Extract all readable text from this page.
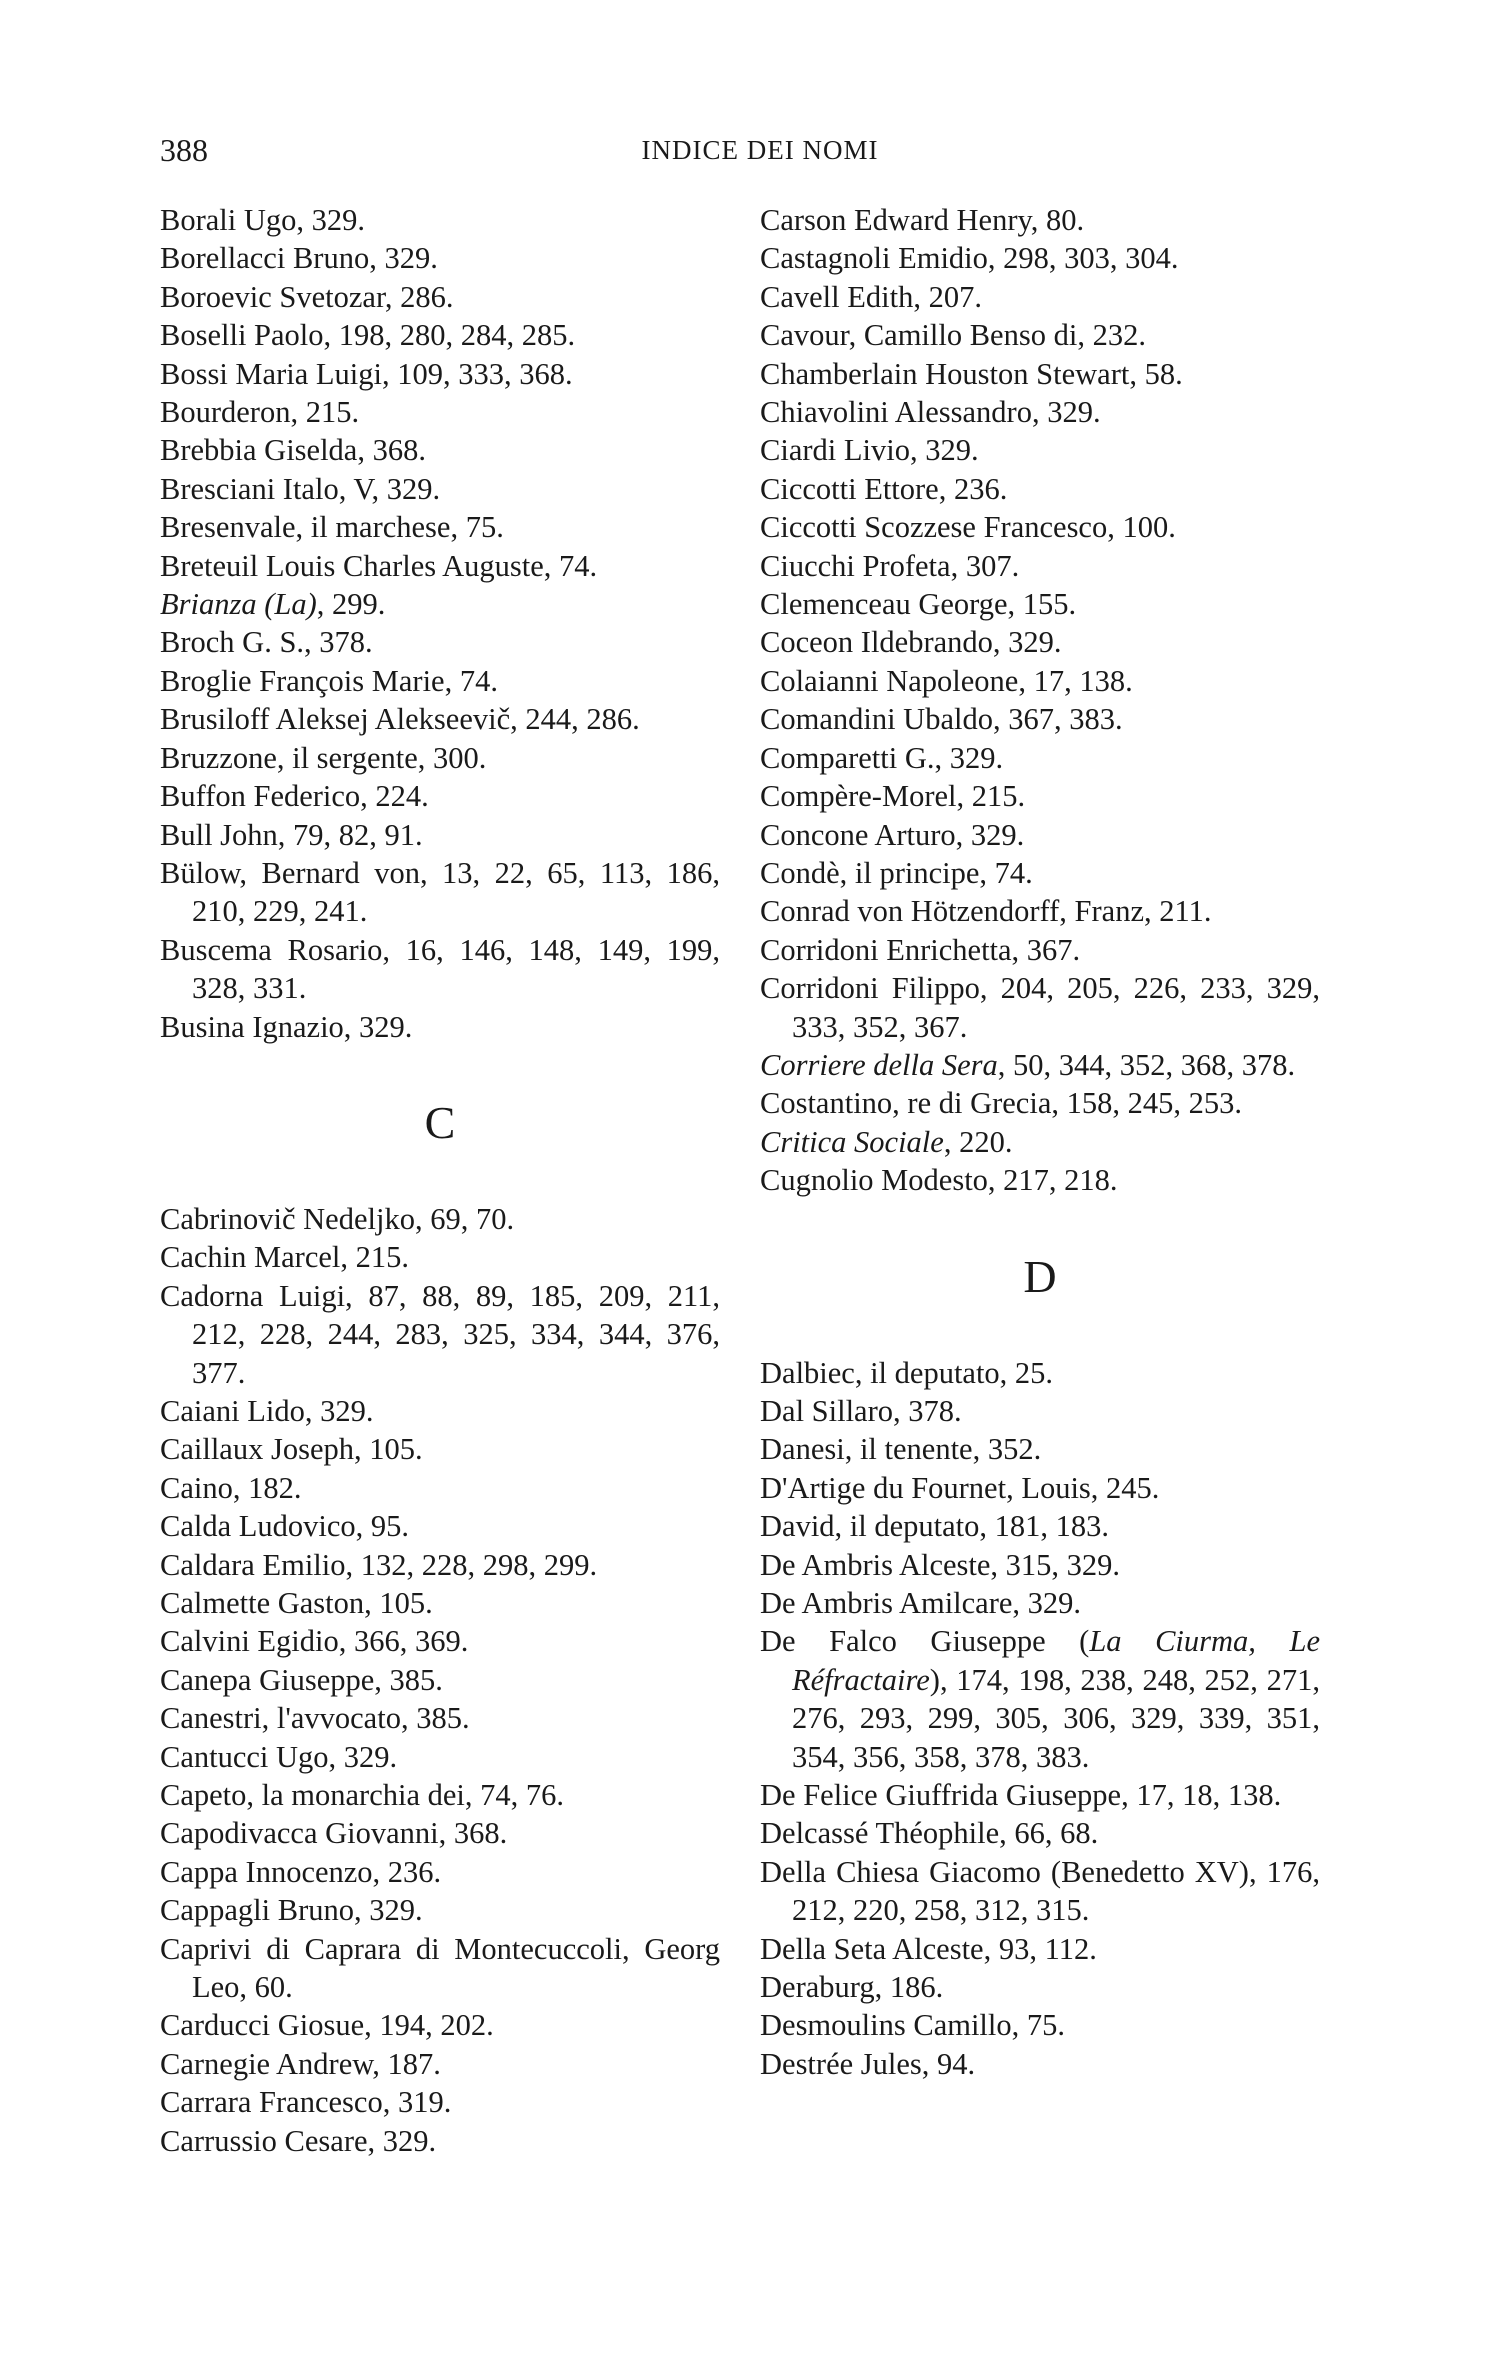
388	INDICE DEI NOMI
Borali Ugo, 329.
Borellacci Bruno, 329.
Boroevic Svetozar, 286.
Boselli Paolo, 198, 280, 284, 285.
Bossi Maria Luigi, 109, 333, 368.
Bourderon, 215.
Brebbia Giselda, 368.
Bresciani Italo, V, 329.
Bresenvale, il marchese, 75.
Breteuil Louis Charles Auguste, 74.
Brianza (La), 299.
Broch G. S., 378.
Broglie François Marie, 74.
Brusiloff Aleksej Alekseevič, 244, 286.
Bruzzone, il sergente, 300.
Buffon Federico, 224.
Bull John, 79, 82, 91.
Bülow, Bernard von, 13, 22, 65, 113, 186, 210, 229, 241.
Buscema Rosario, 16, 146, 148, 149, 199, 328, 331.
Busina Ignazio, 329.
C
Cabrinovič Nedeljko, 69, 70.
Cachin Marcel, 215.
Cadorna Luigi, 87, 88, 89, 185, 209, 211, 212, 228, 244, 283, 325, 334, 344, 376, 377.
Caiani Lido, 329.
Caillaux Joseph, 105.
Caino, 182.
Calda Ludovico, 95.
Caldara Emilio, 132, 228, 298, 299.
Calmette Gaston, 105.
Calvini Egidio, 366, 369.
Canepa Giuseppe, 385.
Canestri, l'avvocato, 385.
Cantucci Ugo, 329.
Capeto, la monarchia dei, 74, 76.
Capodivacca Giovanni, 368.
Cappa Innocenzo, 236.
Cappagli Bruno, 329.
Caprivi di Caprara di Montecuccoli, Georg Leo, 60.
Carducci Giosue, 194, 202.
Carnegie Andrew, 187.
Carrara Francesco, 319.
Carrussio Cesare, 329.
Carson Edward Henry, 80.
Castagnoli Emidio, 298, 303, 304.
Cavell Edith, 207.
Cavour, Camillo Benso di, 232.
Chamberlain Houston Stewart, 58.
Chiavolini Alessandro, 329.
Ciardi Livio, 329.
Ciccotti Ettore, 236.
Ciccotti Scozzese Francesco, 100.
Ciucchi Profeta, 307.
Clemenceau George, 155.
Coceon Ildebrando, 329.
Colaianni Napoleone, 17, 138.
Comandini Ubaldo, 367, 383.
Comparetti G., 329.
Compère-Morel, 215.
Concone Arturo, 329.
Condè, il principe, 74.
Conrad von Hötzendorff, Franz, 211.
Corridoni Enrichetta, 367.
Corridoni Filippo, 204, 205, 226, 233, 329, 333, 352, 367.
Corriere della Sera, 50, 344, 352, 368, 378.
Costantino, re di Grecia, 158, 245, 253.
Critica Sociale, 220.
Cugnolio Modesto, 217, 218.
D
Dalbiec, il deputato, 25.
Dal Sillaro, 378.
Danesi, il tenente, 352.
D'Artige du Fournet, Louis, 245.
David, il deputato, 181, 183.
De Ambris Alceste, 315, 329.
De Ambris Amilcare, 329.
De Falco Giuseppe (La Ciurma, Le Réfractaire), 174, 198, 238, 248, 252, 271, 276, 293, 299, 305, 306, 329, 339, 351, 354, 356, 358, 378, 383.
De Felice Giuffrida Giuseppe, 17, 18, 138.
Delcassé Théophile, 66, 68.
Della Chiesa Giacomo (Benedetto XV), 176, 212, 220, 258, 312, 315.
Della Seta Alceste, 93, 112.
Deraburg, 186.
Desmoulins Camillo, 75.
Destrée Jules, 94.
